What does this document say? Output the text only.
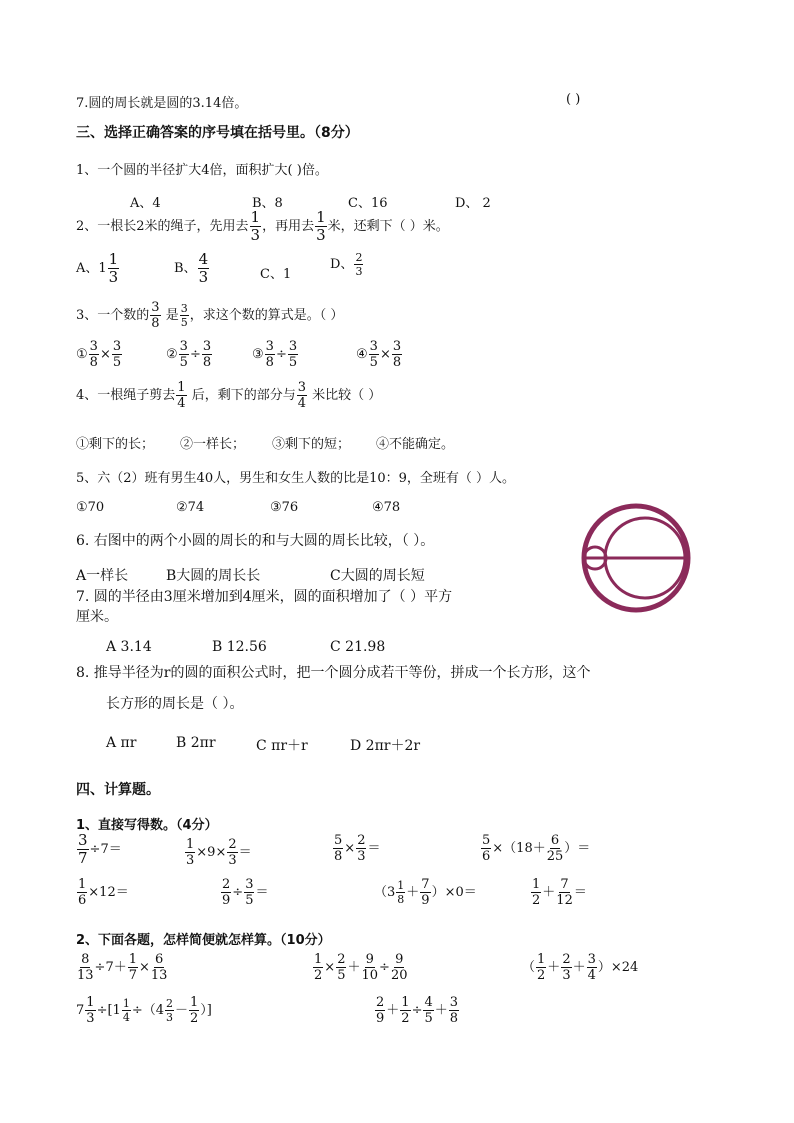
7.圆的周长就是圆的3.14倍。	( )
三、选择正确答案的序号填在括号里。（8分）
1、一个圆的半径扩大4倍，面积扩大( )倍。
A、4	B、8	C、16	D、 2
2、一根长2米的绳子，先用去 $\frac{1}{3}$ ，再用去 $\frac{1}{3}$ 米，还剩下（ ）米。
A、 1
1
3	B、 $\frac{4}{3}$	C、1
D、 $\frac{2}{3}$
3、一个数的 $\frac{3}{8}$ 是 $\frac{3}{5}$ ，求这个数的算式是。（ ）
① $\frac{3}{8} \times \frac{3}{5}$	② $\frac{3}{5} \div \frac{3}{8}$	③ $\frac{3}{8} \div \frac{3}{5}$	④ $\frac{3}{5} \times \frac{3}{8}$
4、一根绳子剪去 $\frac{1}{4}$ 后，剩下的部分与 $\frac{3}{4}$ 米比较（ ）
①剩下的长； ②一样长； ③剩下的短； ④不能确定。
5、六（2）班有男生40人，男生和女生人数的比是10：9，全班有（ ）人。
①70	②74	③76	④78
6. 右图中的两个小圆的周长的和与大圆的周长比较，（ ）。
A一样长	B大圆的周长长	C大圆的周长短
7. 圆的半径由3厘米增加到4厘米，圆的面积增加了（ ）平方
厘米。
A 3.14	B 12.56	C 21.98
8. 推导半径为r的圆的面积公式时，把一个圆分成若干等份，拼成一个长方形，这个
长方形的周长是（ ）。
A πr	B 2πr	C πr＋r	D 2πr＋2r
四、计算题。
1、直接写得数。（4分）
$\frac{3}{7} \div 7=$	$\frac{1}{3} \times 9\times \frac{2}{3}$ ＝	$\frac{5}{8} \times \frac{2}{3}$ ＝	$\frac{5}{6} \times(18+ \frac{6}{25}$ ）＝
$\frac{1}{6} \times 12=$	$\frac{2}{9} \div \frac{3}{5}$ ＝	$(3 \frac{1}{8} + \frac{7}{9} )\times 0=$	$\frac{1}{2} + \frac{7}{12}$ ＝
2、下面各题，怎样简便就怎样算。（10分）
$\frac{8}{13} \div 7+ \frac{1}{7} \times \frac{6}{13}$	$\frac{1}{2} \times \frac{2}{5} + \frac{9}{10} \div \frac{9}{20}$	（ $\frac{1}{2} + \frac{2}{3} + \frac{3}{4} )\times 24$
$7 \frac{1}{3} \div[1 \frac{1}{4} \div(4 \frac{2}{3} - \frac{1}{2}$ ）]	$\frac{2}{9} + \frac{1}{2} \div \frac{4}{5} + \frac{3}{8}$
